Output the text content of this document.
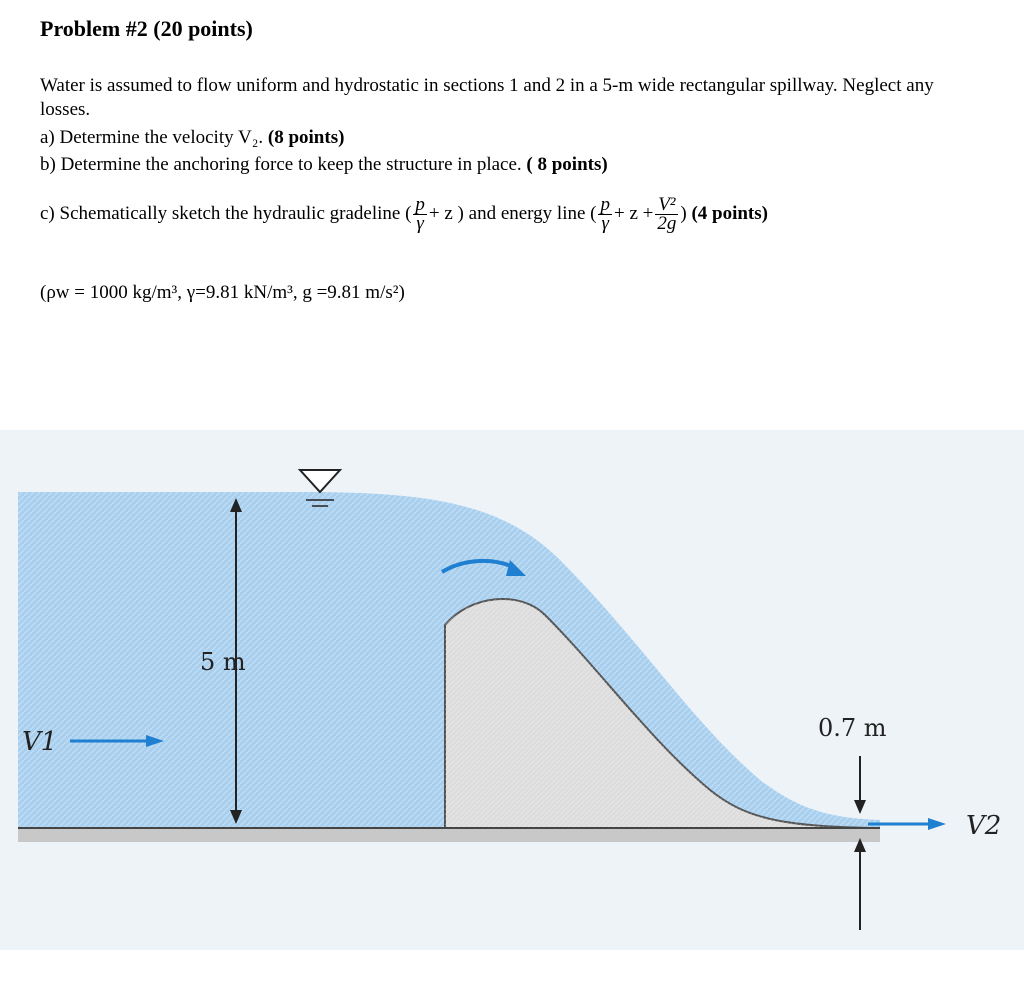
Problem #2 (20 points)
Water is assumed to flow uniform and hydrostatic in sections 1 and 2 in a 5-m wide rectangular spillway. Neglect any losses.
a) Determine the velocity V₂. (8 points)
b) Determine the anchoring force to keep the structure in place. ( 8 points)
c) Schematically sketch the hydraulic gradeline ( $\frac{p}{\gamma} + z$ ) and energy line ( $\frac{p}{\gamma} + z + \frac{\text{V²}}{2g}$ ) (4 points)
(ρw = 1000 kg/m³, γ=9.81 kN/m³, g =9.81 m/s²)
5 m
V1	0.7 m
V2
